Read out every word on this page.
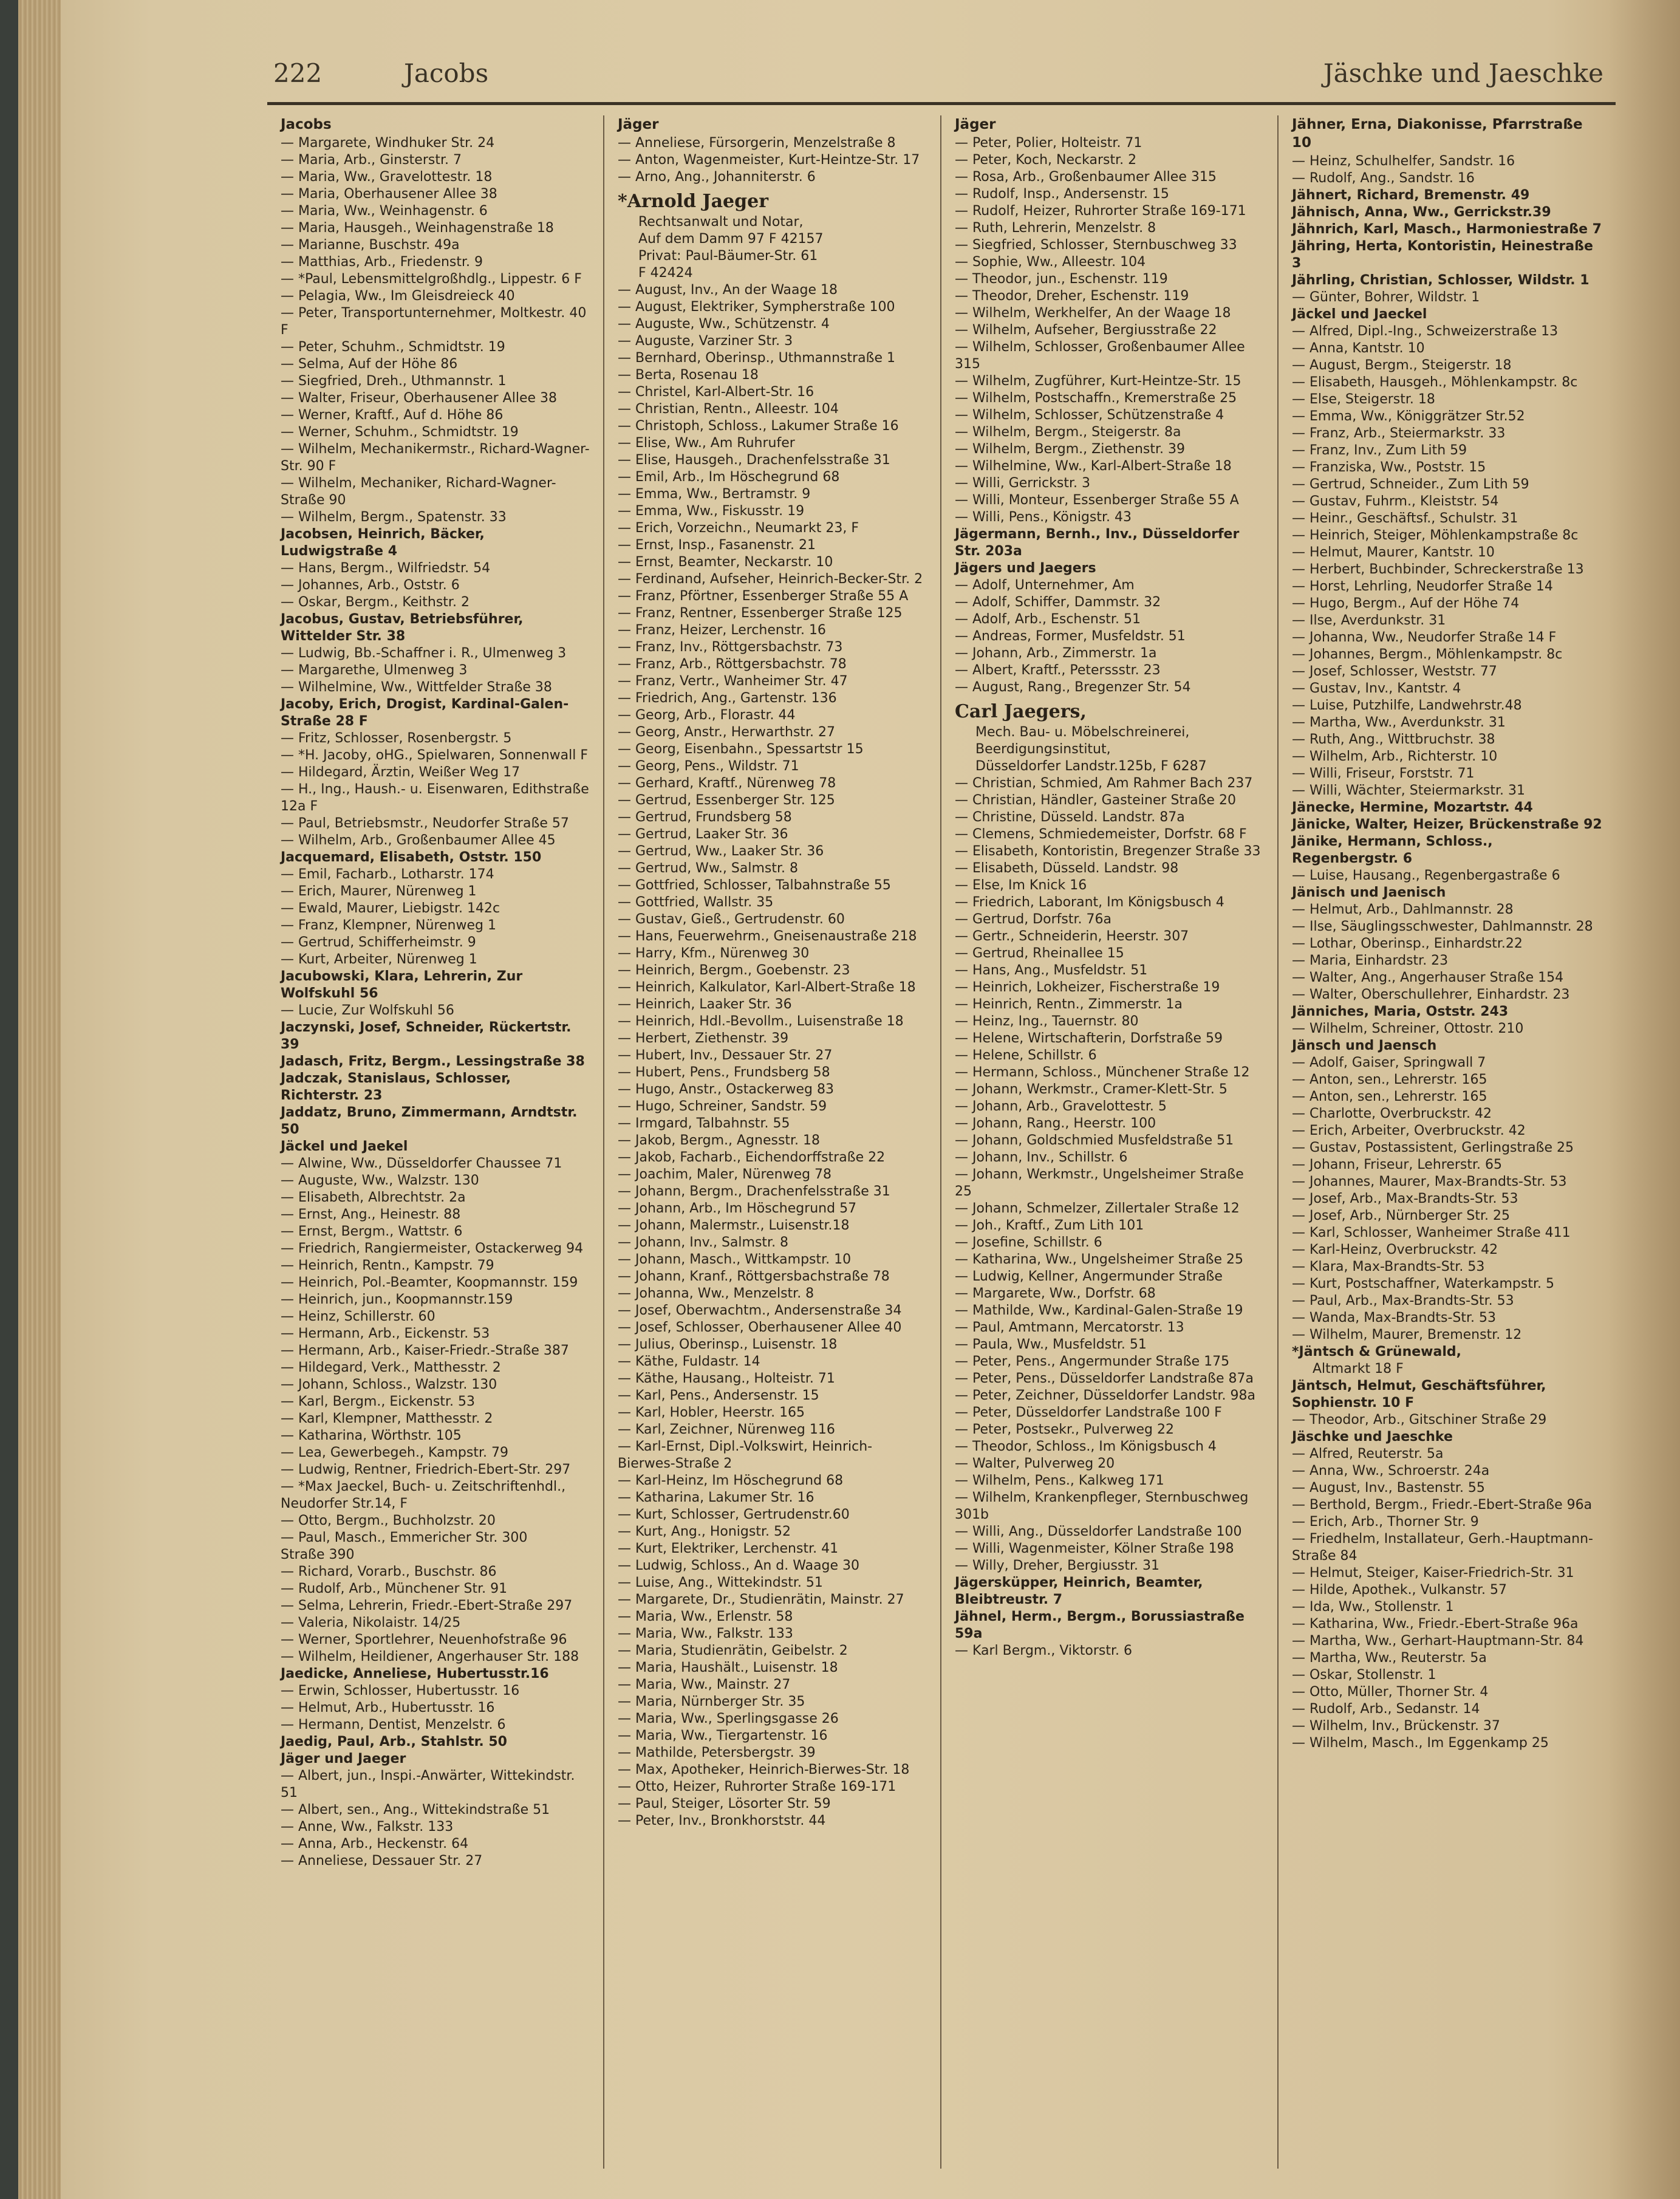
222	Jacobs	Jäschke und Jaeschke

Jacobs

— Margarete, Windhuker Str. 24

— Maria, Arb., Ginsterstr. 7

— Maria, Ww., Gravelottestr. 18

— Maria, Oberhausener Allee 38

— Maria, Ww., Weinhagenstr. 6

— Maria, Hausgeh., Weinhagenstraße 18

— Marianne, Buschstr. 49a

— Matthias, Arb., Friedenstr. 9

— *Paul, Lebensmittelgroßhdlg., Lippestr. 6 F

— Pelagia, Ww., Im Gleisdreieck 40

— Peter, Transportunternehmer, Moltkestr. 40 F

— Peter, Schuhm., Schmidtstr. 19

— Selma, Auf der Höhe 86

— Siegfried, Dreh., Uthmannstr. 1

— Walter, Friseur, Oberhausener Allee 38

— Werner, Kraftf., Auf d. Höhe 86

— Werner, Schuhm., Schmidtstr. 19

— Wilhelm, Mechanikermstr., Richard-Wagner-Str. 90 F

— Wilhelm, Mechaniker, Richard-Wagner-Straße 90

— Wilhelm, Bergm., Spatenstr. 33

Jacobsen, Heinrich, Bäcker, Ludwigstraße 4

— Hans, Bergm., Wilfriedstr. 54

— Johannes, Arb., Oststr. 6

— Oskar, Bergm., Keithstr. 2

Jacobus, Gustav, Betriebsführer, Wittelder Str. 38

— Ludwig, Bb.-Schaffner i. R., Ulmenweg 3

— Margarethe, Ulmenweg 3

— Wilhelmine, Ww., Wittfelder Straße 38

Jacoby, Erich, Drogist, Kardinal-Galen-Straße 28 F

— Fritz, Schlosser, Rosenbergstr. 5

— *H. Jacoby, oHG., Spielwaren, Sonnenwall F

— Hildegard, Ärztin, Weißer Weg 17

— H., Ing., Haush.- u. Eisenwaren, Edithstraße 12a F

— Paul, Betriebsmstr., Neudorfer Straße 57

— Wilhelm, Arb., Großenbaumer Allee 45

Jacquemard, Elisabeth, Oststr. 150

— Emil, Facharb., Lotharstr. 174

— Erich, Maurer, Nürenweg 1

— Ewald, Maurer, Liebigstr. 142c

— Franz, Klempner, Nürenweg 1

— Gertrud, Schifferheimstr. 9

— Kurt, Arbeiter, Nürenweg 1

Jacubowski, Klara, Lehrerin, Zur Wolfskuhl 56

— Lucie, Zur Wolfskuhl 56

Jaczynski, Josef, Schneider, Rückertstr. 39

Jadasch, Fritz, Bergm., Lessingstraße 38

Jadczak, Stanislaus, Schlosser, Richterstr. 23

Jaddatz, Bruno, Zimmermann, Arndtstr. 50

Jäckel und Jaekel

— Alwine, Ww., Düsseldorfer Chaussee 71

— Auguste, Ww., Walzstr. 130

— Elisabeth, Albrechtstr. 2a

— Ernst, Ang., Heinestr. 88

— Ernst, Bergm., Wattstr. 6

— Friedrich, Rangiermeister, Ostackerweg 94

— Heinrich, Rentn., Kampstr. 79

— Heinrich, Pol.-Beamter, Koopmannstr. 159

— Heinrich, jun., Koopmannstr.159

— Heinz, Schillerstr. 60

— Hermann, Arb., Eickenstr. 53

— Hermann, Arb., Kaiser-Friedr.-Straße 387

— Hildegard, Verk., Matthesstr. 2

— Johann, Schloss., Walzstr. 130

— Karl, Bergm., Eickenstr. 53

— Karl, Klempner, Matthesstr. 2

— Katharina, Wörthstr. 105

— Lea, Gewerbegeh., Kampstr. 79

— Ludwig, Rentner, Friedrich-Ebert-Str. 297

— *Max Jaeckel, Buch- u. Zeitschriftenhdl., Neudorfer Str.14, F

— Otto, Bergm., Buchholzstr. 20

— Paul, Masch., Emmericher Str. 300

Straße 390

— Richard, Vorarb., Buschstr. 86

— Rudolf, Arb., Münchener Str. 91

— Selma, Lehrerin, Friedr.-Ebert-Straße 297

— Valeria, Nikolaistr. 14/25

— Werner, Sportlehrer, Neuenhofstraße 96

— Wilhelm, Heildiener, Angerhauser Str. 188

Jaedicke, Anneliese, Hubertusstr.16

— Erwin, Schlosser, Hubertusstr. 16

— Helmut, Arb., Hubertusstr. 16

— Hermann, Dentist, Menzelstr. 6

Jaedig, Paul, Arb., Stahlstr. 50

Jäger und Jaeger

— Albert, jun., Inspi.-Anwärter, Wittekindstr. 51

— Albert, sen., Ang., Wittekindstraße 51

— Anne, Ww., Falkstr. 133

— Anna, Arb., Heckenstr. 64

— Anneliese, Dessauer Str. 27

Jäger

— Anneliese, Fürsorgerin, Menzelstraße 8

— Anton, Wagenmeister, Kurt-Heintze-Str. 17

— Arno, Ang., Johanniterstr. 6

*Arnold Jaeger

Rechtsanwalt und Notar,

Auf dem Damm 97 F 42157

Privat: Paul-Bäumer-Str. 61

F 42424

— August, Inv., An der Waage 18

— August, Elektriker, Sympherstraße 100

— Auguste, Ww., Schützenstr. 4

— Auguste, Varziner Str. 3

— Bernhard, Oberinsp., Uthmannstraße 1

— Berta, Rosenau 18

— Christel, Karl-Albert-Str. 16

— Christian, Rentn., Alleestr. 104

— Christoph, Schloss., Lakumer Straße 16

— Elise, Ww., Am Ruhrufer

— Elise, Hausgeh., Drachenfelsstraße 31

— Emil, Arb., Im Höschegrund 68

— Emma, Ww., Bertramstr. 9

— Emma, Ww., Fiskusstr. 19

— Erich, Vorzeichn., Neumarkt 23, F

— Ernst, Insp., Fasanenstr. 21

— Ernst, Beamter, Neckarstr. 10

— Ferdinand, Aufseher, Heinrich-Becker-Str. 2

— Franz, Pförtner, Essenberger Straße 55 A

— Franz, Rentner, Essenberger Straße 125

— Franz, Heizer, Lerchenstr. 16

— Franz, Inv., Röttgersbachstr. 73

— Franz, Arb., Röttgersbachstr. 78

— Franz, Vertr., Wanheimer Str. 47

— Friedrich, Ang., Gartenstr. 136

— Georg, Arb., Florastr. 44

— Georg, Anstr., Herwarthstr. 27

— Georg, Eisenbahn., Spessartstr 15

— Georg, Pens., Wildstr. 71

— Gerhard, Kraftf., Nürenweg 78

— Gertrud, Essenberger Str. 125

— Gertrud, Frundsberg 58

— Gertrud, Laaker Str. 36

— Gertrud, Ww., Laaker Str. 36

— Gertrud, Ww., Salmstr. 8

— Gottfried, Schlosser, Talbahnstraße 55

— Gottfried, Wallstr. 35

— Gustav, Gieß., Gertrudenstr. 60

— Hans, Feuerwehrm., Gneisenaustraße 218

— Harry, Kfm., Nürenweg 30

— Heinrich, Bergm., Goebenstr. 23

— Heinrich, Kalkulator, Karl-Albert-Straße 18

— Heinrich, Laaker Str. 36

— Heinrich, Hdl.-Bevollm., Luisenstraße 18

— Herbert, Ziethenstr. 39

— Hubert, Inv., Dessauer Str. 27

— Hubert, Pens., Frundsberg 58

— Hugo, Anstr., Ostackerweg 83

— Hugo, Schreiner, Sandstr. 59

— Irmgard, Talbahnstr. 55

— Jakob, Bergm., Agnesstr. 18

— Jakob, Facharb., Eichendorffstraße 22

— Joachim, Maler, Nürenweg 78

— Johann, Bergm., Drachenfelsstraße 31

— Johann, Arb., Im Höschegrund 57

— Johann, Malermstr., Luisenstr.18

— Johann, Inv., Salmstr. 8

— Johann, Masch., Wittkampstr. 10

— Johann, Kranf., Röttgersbachstraße 78

— Johanna, Ww., Menzelstr. 8

— Josef, Oberwachtm., Andersenstraße 34

— Josef, Schlosser, Oberhausener Allee 40

— Julius, Oberinsp., Luisenstr. 18

— Käthe, Fuldastr. 14

— Käthe, Hausang., Holteistr. 71

— Karl, Pens., Andersenstr. 15

— Karl, Hobler, Heerstr. 165

— Karl, Zeichner, Nürenweg 116

— Karl-Ernst, Dipl.-Volkswirt, Heinrich-Bierwes-Straße 2

— Karl-Heinz, Im Höschegrund 68

— Katharina, Lakumer Str. 16

— Kurt, Schlosser, Gertrudenstr.60

— Kurt, Ang., Honigstr. 52

— Kurt, Elektriker, Lerchenstr. 41

— Ludwig, Schloss., An d. Waage 30

— Luise, Ang., Wittekindstr. 51

— Margarete, Dr., Studienrätin, Mainstr. 27

— Maria, Ww., Erlenstr. 58

— Maria, Ww., Falkstr. 133

— Maria, Studienrätin, Geibelstr. 2

— Maria, Haushält., Luisenstr. 18

— Maria, Ww., Mainstr. 27

— Maria, Nürnberger Str. 35

— Maria, Ww., Sperlingsgasse 26

— Maria, Ww., Tiergartenstr. 16

— Mathilde, Petersbergstr. 39

— Max, Apotheker, Heinrich-Bierwes-Str. 18

— Otto, Heizer, Ruhrorter Straße 169-171

— Paul, Steiger, Lösorter Str. 59

— Peter, Inv., Bronkhorststr. 44

Jäger

— Peter, Polier, Holteistr. 71

— Peter, Koch, Neckarstr. 2

— Rosa, Arb., Großenbaumer Allee 315

— Rudolf, Insp., Andersenstr. 15

— Rudolf, Heizer, Ruhrorter Straße 169-171

— Ruth, Lehrerin, Menzelstr. 8

— Siegfried, Schlosser, Sternbuschweg 33

— Sophie, Ww., Alleestr. 104

— Theodor, jun., Eschenstr. 119

— Theodor, Dreher, Eschenstr. 119

— Wilhelm, Werkhelfer, An der Waage 18

— Wilhelm, Aufseher, Bergiusstraße 22

— Wilhelm, Schlosser, Großenbaumer Allee 315

— Wilhelm, Zugführer, Kurt-Heintze-Str. 15

— Wilhelm, Postschaffn., Kremerstraße 25

— Wilhelm, Schlosser, Schützenstraße 4

— Wilhelm, Bergm., Steigerstr. 8a

— Wilhelm, Bergm., Ziethenstr. 39

— Wilhelmine, Ww., Karl-Albert-Straße 18

— Willi, Gerrickstr. 3

— Willi, Monteur, Essenberger Straße 55 A

— Willi, Pens., Königstr. 43

Jägermann, Bernh., Inv., Düsseldorfer Str. 203a

Jägers und Jaegers

— Adolf, Unternehmer, Am

— Adolf, Schiffer, Dammstr. 32

— Adolf, Arb., Eschenstr. 51

— Andreas, Former, Musfeldstr. 51

— Johann, Arb., Zimmerstr. 1a

— Albert, Kraftf., Peterssstr. 23

— August, Rang., Bregenzer Str. 54

Carl Jaegers,

Mech. Bau- u. Möbelschreinerei,

Beerdigungsinstitut,

Düsseldorfer Landstr.125b, F 6287

— Christian, Schmied, Am Rahmer Bach 237

— Christian, Händler, Gasteiner Straße 20

— Christine, Düsseld. Landstr. 87a

— Clemens, Schmiedemeister, Dorfstr. 68 F

— Elisabeth, Kontoristin, Bregenzer Straße 33

— Elisabeth, Düsseld. Landstr. 98

— Else, Im Knick 16

— Friedrich, Laborant, Im Königsbusch 4

— Gertrud, Dorfstr. 76a

— Gertr., Schneiderin, Heerstr. 307

— Gertrud, Rheinallee 15

— Hans, Ang., Musfeldstr. 51

— Heinrich, Lokheizer, Fischerstraße 19

— Heinrich, Rentn., Zimmerstr. 1a

— Heinz, Ing., Tauernstr. 80

— Helene, Wirtschafterin, Dorfstraße 59

— Helene, Schillstr. 6

— Hermann, Schloss., Münchener Straße 12

— Johann, Werkmstr., Cramer-Klett-Str. 5

— Johann, Arb., Gravelottestr. 5

— Johann, Rang., Heerstr. 100

— Johann, Goldschmied Musfeldstraße 51

— Johann, Inv., Schillstr. 6

— Johann, Werkmstr., Ungelsheimer Straße 25

— Johann, Schmelzer, Zillertaler Straße 12

— Joh., Kraftf., Zum Lith 101

— Josefine, Schillstr. 6

— Katharina, Ww., Ungelsheimer Straße 25

— Ludwig, Kellner, Angermunder Straße

— Margarete, Ww., Dorfstr. 68

— Mathilde, Ww., Kardinal-Galen-Straße 19

— Paul, Amtmann, Mercatorstr. 13

— Paula, Ww., Musfeldstr. 51

— Peter, Pens., Angermunder Straße 175

— Peter, Pens., Düsseldorfer Landstraße 87a

— Peter, Zeichner, Düsseldorfer Landstr. 98a

— Peter, Düsseldorfer Landstraße 100 F

— Peter, Postsekr., Pulverweg 22

— Theodor, Schloss., Im Königsbusch 4

— Walter, Pulverweg 20

— Wilhelm, Pens., Kalkweg 171

— Wilhelm, Krankenpfleger, Sternbuschweg 301b

— Willi, Ang., Düsseldorfer Landstraße 100

— Willi, Wagenmeister, Kölner Straße 198

— Willy, Dreher, Bergiusstr. 31

Jägersküpper, Heinrich, Beamter, Bleibtreustr. 7

Jähnel, Herm., Bergm., Borussiastraße 59a

— Karl Bergm., Viktorstr. 6

Jähner, Erna, Diakonisse, Pfarrstraße 10

— Heinz, Schulhelfer, Sandstr. 16

— Rudolf, Ang., Sandstr. 16

Jähnert, Richard, Bremenstr. 49

Jähnisch, Anna, Ww., Gerrickstr.39

Jähnrich, Karl, Masch., Harmoniestraße 7

Jähring, Herta, Kontoristin, Heinestraße 3

Jährling, Christian, Schlosser, Wildstr. 1

— Günter, Bohrer, Wildstr. 1

Jäckel und Jaeckel

— Alfred, Dipl.-Ing., Schweizerstraße 13

— Anna, Kantstr. 10

— August, Bergm., Steigerstr. 18

— Elisabeth, Hausgeh., Möhlenkampstr. 8c

— Else, Steigerstr. 18

— Emma, Ww., Königgrätzer Str.52

— Franz, Arb., Steiermarkstr. 33

— Franz, Inv., Zum Lith 59

— Franziska, Ww., Poststr. 15

— Gertrud, Schneider., Zum Lith 59

— Gustav, Fuhrm., Kleiststr. 54

— Heinr., Geschäftsf., Schulstr. 31

— Heinrich, Steiger, Möhlenkampstraße 8c

— Helmut, Maurer, Kantstr. 10

— Herbert, Buchbinder, Schreckerstraße 13

— Horst, Lehrling, Neudorfer Straße 14

— Hugo, Bergm., Auf der Höhe 74

— Ilse, Averdunkstr. 31

— Johanna, Ww., Neudorfer Straße 14 F

— Johannes, Bergm., Möhlenkampstr. 8c

— Josef, Schlosser, Weststr. 77

— Gustav, Inv., Kantstr. 4

— Luise, Putzhilfe, Landwehrstr.48

— Martha, Ww., Averdunkstr. 31

— Ruth, Ang., Wittbruchstr. 38

— Wilhelm, Arb., Richterstr. 10

— Willi, Friseur, Forststr. 71

— Willi, Wächter, Steiermarkstr. 31

Jänecke, Hermine, Mozartstr. 44

Jänicke, Walter, Heizer, Brückenstraße 92

Jänike, Hermann, Schloss., Regenbergstr. 6

— Luise, Hausang., Regenbergastraße 6

Jänisch und Jaenisch

— Helmut, Arb., Dahlmannstr. 28

— Ilse, Säuglingsschwester, Dahlmannstr. 28

— Lothar, Oberinsp., Einhardstr.22

— Maria, Einhardstr. 23

— Walter, Ang., Angerhauser Straße 154

— Walter, Oberschullehrer, Einhardstr. 23

Jänniches, Maria, Oststr. 243

— Wilhelm, Schreiner, Ottostr. 210

Jänsch und Jaensch

— Adolf, Gaiser, Springwall 7

— Anton, sen., Lehrerstr. 165

— Anton, sen., Lehrerstr. 165

— Charlotte, Overbruckstr. 42

— Erich, Arbeiter, Overbruckstr. 42

— Gustav, Postassistent, Gerlingstraße 25

— Johann, Friseur, Lehrerstr. 65

— Johannes, Maurer, Max-Brandts-Str. 53

— Josef, Arb., Max-Brandts-Str. 53

— Josef, Arb., Nürnberger Str. 25

— Karl, Schlosser, Wanheimer Straße 411

— Karl-Heinz, Overbruckstr. 42

— Klara, Max-Brandts-Str. 53

— Kurt, Postschaffner, Waterkampstr. 5

— Paul, Arb., Max-Brandts-Str. 53

— Wanda, Max-Brandts-Str. 53

— Wilhelm, Maurer, Bremenstr. 12

*Jäntsch & Grünewald,

Altmarkt 18 F

Jäntsch, Helmut, Geschäftsführer, Sophienstr. 10 F

— Theodor, Arb., Gitschiner Straße 29

Jäschke und Jaeschke

— Alfred, Reuterstr. 5a

— Anna, Ww., Schroerstr. 24a

— August, Inv., Bastenstr. 55

— Berthold, Bergm., Friedr.-Ebert-Straße 96a

— Erich, Arb., Thorner Str. 9

— Friedhelm, Installateur, Gerh.-Hauptmann-Straße 84

— Helmut, Steiger, Kaiser-Friedrich-Str. 31

— Hilde, Apothek., Vulkanstr. 57

— Ida, Ww., Stollenstr. 1

— Katharina, Ww., Friedr.-Ebert-Straße 96a

— Martha, Ww., Gerhart-Hauptmann-Str. 84

— Martha, Ww., Reuterstr. 5a

— Oskar, Stollenstr. 1

— Otto, Müller, Thorner Str. 4

— Rudolf, Arb., Sedanstr. 14

— Wilhelm, Inv., Brückenstr. 37

— Wilhelm, Masch., Im Eggenkamp 25
